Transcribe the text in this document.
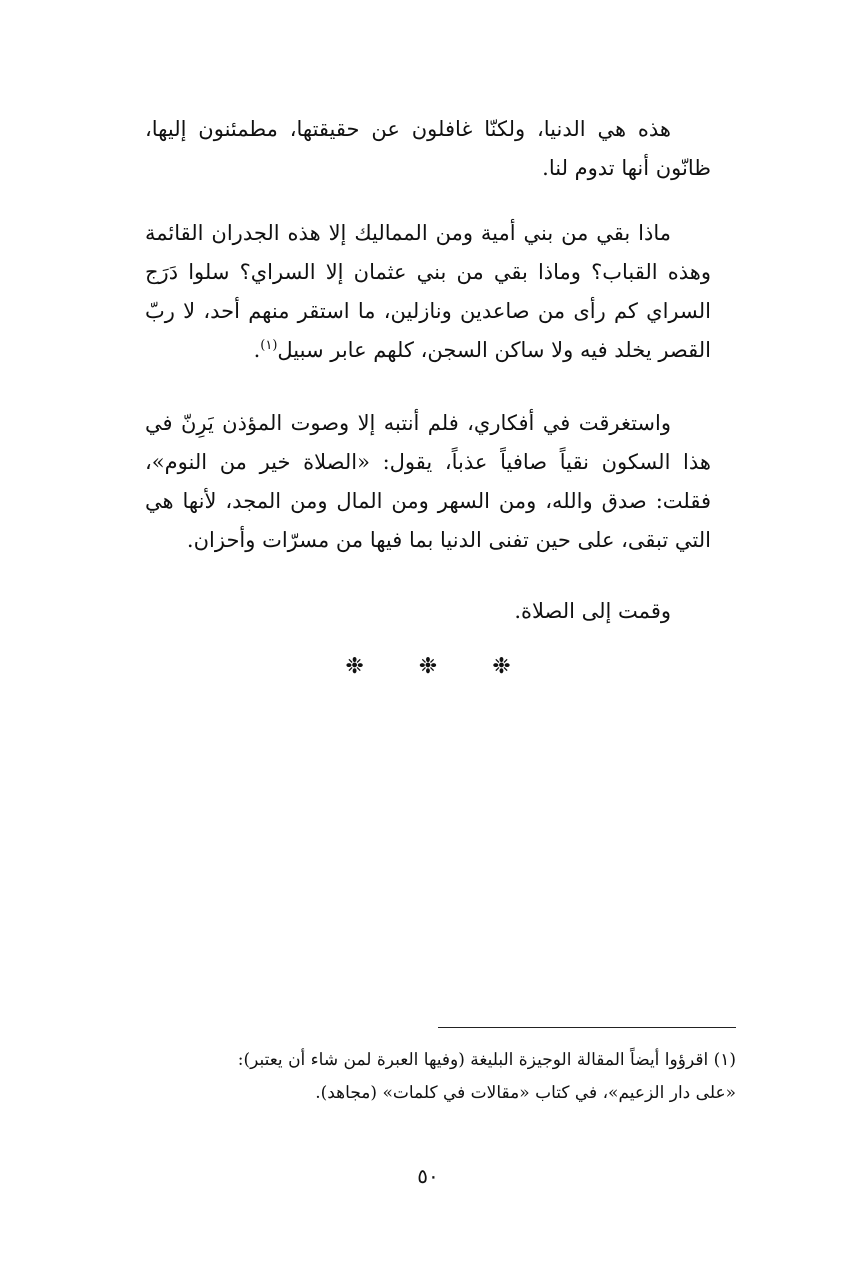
هذه هي الدنيا، ولكنّا غافلون عن حقيقتها، مطمئنون إليها، ظانّون أنها تدوم لنا.

ماذا بقي من بني أمية ومن المماليك إلا هذه الجدران القائمة وهذه القباب؟ وماذا بقي من بني عثمان إلا السراي؟ سلوا دَرَج السراي كم رأى من صاعدين ونازلين، ما استقر منهم أحد، لا ربّ القصر يخلد فيه ولا ساكن السجن، كلهم عابر سبيل$^{(١)}$.

واستغرقت في أفكاري، فلم أنتبه إلا وصوت المؤذن يَرِنّ في هذا السكون نقياً صافياً عذباً، يقول: «الصلاة خير من النوم»، فقلت: صدق والله، ومن السهر ومن المال ومن المجد، لأنها هي التي تبقى، على حين تفنى الدنيا بما فيها من مسرّات وأحزان.

وقمت إلى الصلاة.

❉ ❉ ❉

(١) اقرؤوا أيضاً المقالة الوجيزة البليغة (وفيها العبرة لمن شاء أن يعتبر):

«على دار الزعيم»، في كتاب «مقالات في كلمات» (مجاهد).

٥٠
